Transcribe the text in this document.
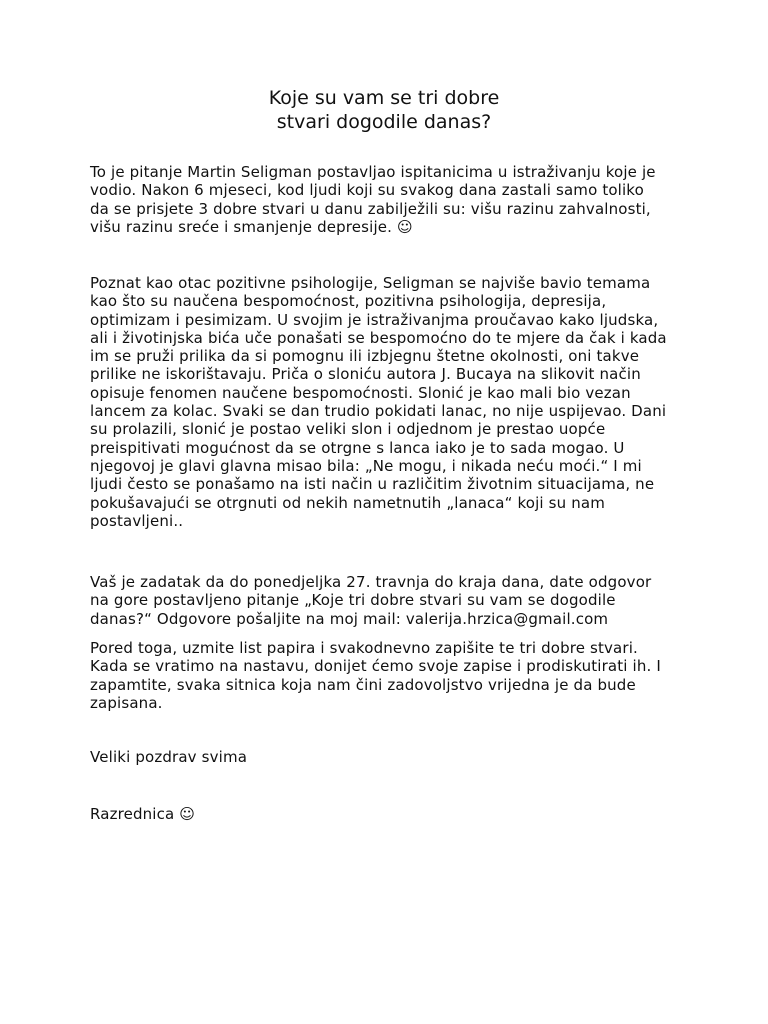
Koje su vam se tri dobre
stvari dogodile danas?

To je pitanje Martin Seligman postavljao ispitanicima u istraživanju koje je
vodio. Nakon 6 mjeseci, kod ljudi koji su svakog dana zastali samo toliko
da se prisjete 3 dobre stvari u danu zabilježili su: višu razinu zahvalnosti,
višu razinu sreće i smanjenje depresije. ☺

Poznat kao otac pozitivne psihologije, Seligman se najviše bavio temama
kao što su naučena bespomoćnost, pozitivna psihologija, depresija,
optimizam i pesimizam. U svojim je istraživanjma proučavao kako ljudska,
ali i životinjska bića uče ponašati se bespomoćno do te mjere da čak i kada
im se pruži prilika da si pomognu ili izbjegnu štetne okolnosti, oni takve
prilike ne iskorištavaju. Priča o sloniću autora J. Bucaya na slikovit način
opisuje fenomen naučene bespomoćnosti. Slonić je kao mali bio vezan
lancem za kolac. Svaki se dan trudio pokidati lanac, no nije uspijevao. Dani
su prolazili, slonić je postao veliki slon i odjednom je prestao uopće
preispitivati mogućnost da se otrgne s lanca iako je to sada mogao. U
njegovoj je glavi glavna misao bila: „Ne mogu, i nikada neću moći.“ I mi
ljudi često se ponašamo na isti način u različitim životnim situacijama, ne
pokušavajući se otrgnuti od nekih nametnutih „lanaca“ koji su nam
postavljeni..

Vaš je zadatak da do ponedjeljka 27. travnja do kraja dana, date odgovor
na gore postavljeno pitanje „Koje tri dobre stvari su vam se dogodile
danas?“ Odgovore pošaljite na moj mail: valerija.hrzica@gmail.com

Pored toga, uzmite list papira i svakodnevno zapišite te tri dobre stvari.
Kada se vratimo na nastavu, donijet ćemo svoje zapise i prodiskutirati ih. I
zapamtite, svaka sitnica koja nam čini zadovoljstvo vrijedna je da bude
zapisana.

Veliki pozdrav svima

Razrednica ☺
